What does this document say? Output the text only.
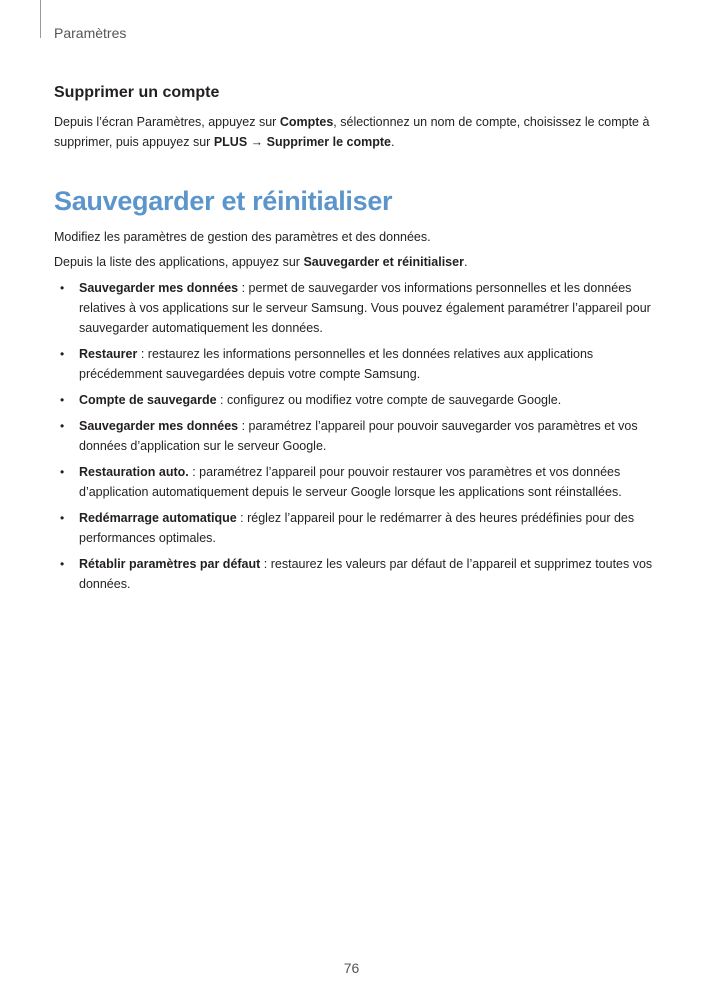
Paramètres
Supprimer un compte

Depuis l’écran Paramètres, appuyez sur Comptes, sélectionnez un nom de compte, choisissez le compte à supprimer, puis appuyez sur PLUS → Supprimer le compte.

Sauvegarder et réinitialiser

Modifiez les paramètres de gestion des paramètres et des données.

Depuis la liste des applications, appuyez sur Sauvegarder et réinitialiser.

• Sauvegarder mes données : permet de sauvegarder vos informations personnelles et les données relatives à vos applications sur le serveur Samsung. Vous pouvez également paramétrer l’appareil pour sauvegarder automatiquement les données.
• Restaurer : restaurez les informations personnelles et les données relatives aux applications précédemment sauvegardées depuis votre compte Samsung.
• Compte de sauvegarde : configurez ou modifiez votre compte de sauvegarde Google.
• Sauvegarder mes données : paramétrez l’appareil pour pouvoir sauvegarder vos paramètres et vos données d’application sur le serveur Google.
• Restauration auto. : paramétrez l’appareil pour pouvoir restaurer vos paramètres et vos données d’application automatiquement depuis le serveur Google lorsque les applications sont réinstallées.
• Redémarrage automatique : réglez l’appareil pour le redémarrer à des heures prédéfinies pour des performances optimales.
• Rétablir paramètres par défaut : restaurez les valeurs par défaut de l’appareil et supprimez toutes vos données.
76
